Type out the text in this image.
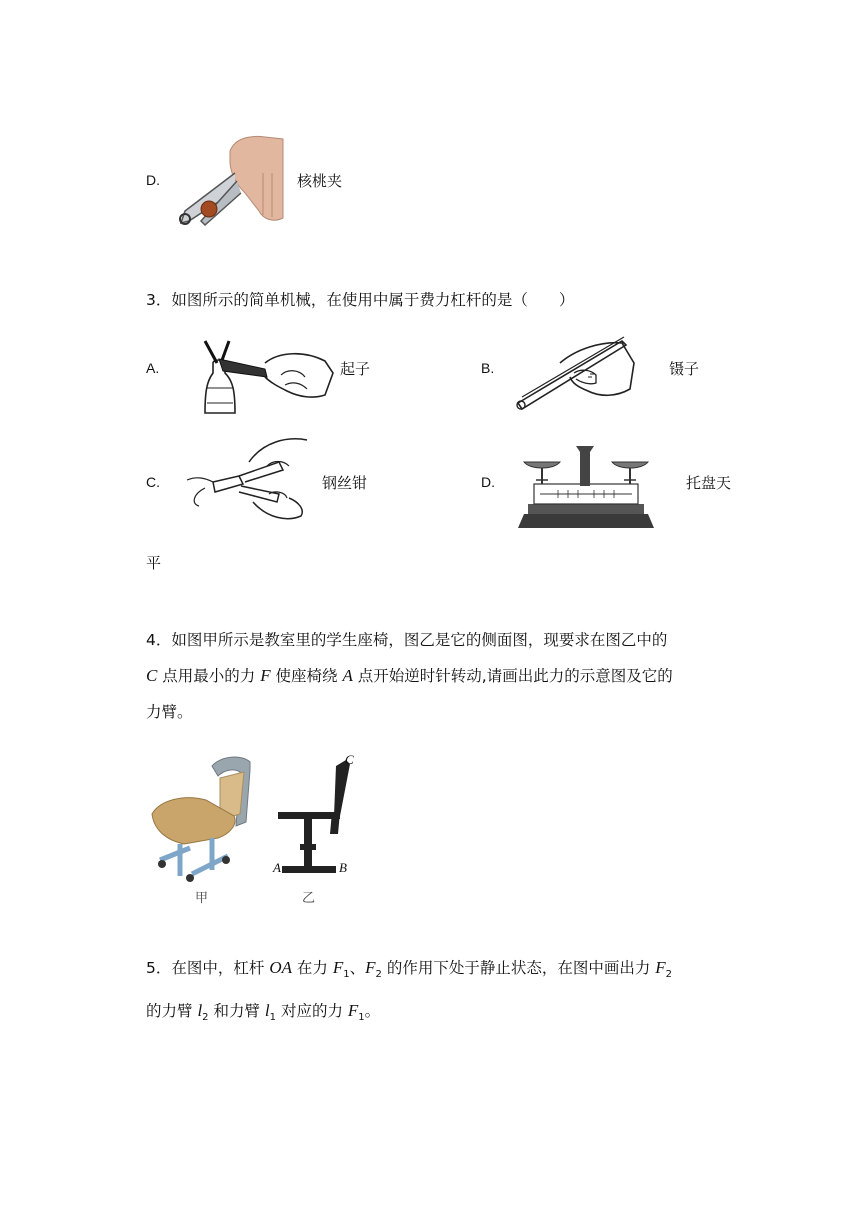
D.	核桃夹
3．如图所示的简单机械，在使用中属于费力杠杆的是（　　）
A.	起子	B.	镊子
C.	钢丝钳	D.	托盘天
平
4．如图甲所示是教室里的学生座椅，图乙是它的侧面图，现要求在图乙中的
C 点用最小的力 F 使座椅绕 A 点开始逆时针转动,请画出此力的示意图及它的
力臂。
甲
C
A	B
乙
5．在图中，杠杆 OA 在力 $F_1$、$F_2$ 的作用下处于静止状态，在图中画出力 $F_2$
的力臂 $l_2$ 和力臂 $l_1$ 对应的力 $F_1$。
